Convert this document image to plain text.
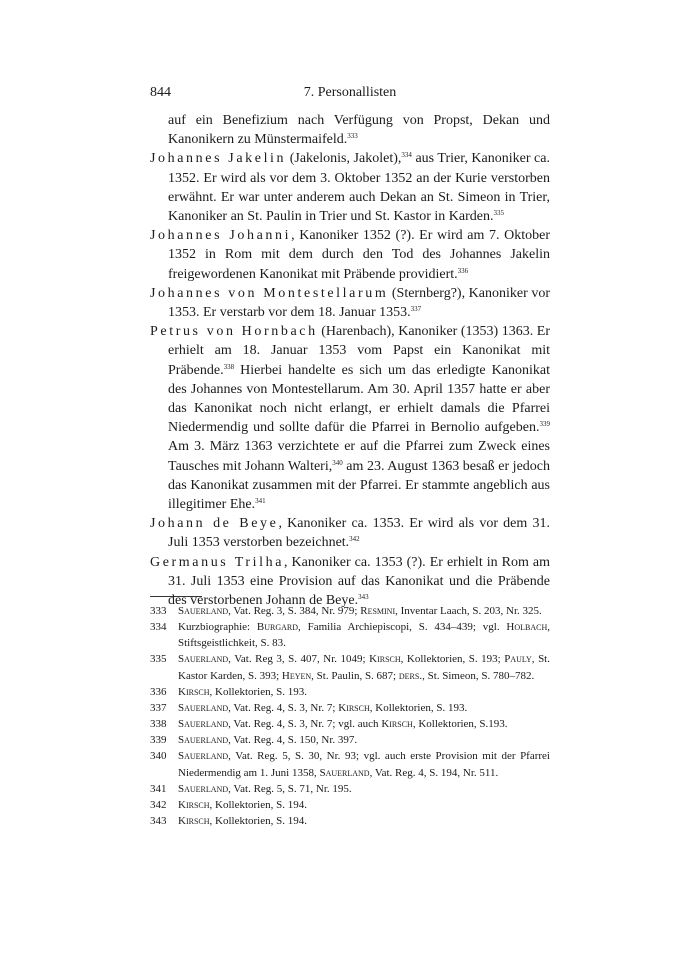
844	7. Personallisten

auf ein Benefizium nach Verfügung von Propst, Dekan und Kanonikern zu Münstermaifeld.$^{333}$

Johannes Jakelin (Jakelonis, Jakolet),$^{334}$ aus Trier, Kanoniker ca. 1352. Er wird als vor dem 3. Oktober 1352 an der Kurie verstorben erwähnt. Er war unter anderem auch Dekan an St. Simeon in Trier, Kanoniker an St. Paulin in Trier und St. Kastor in Karden.$^{335}$

Johannes Johanni, Kanoniker 1352 (?). Er wird am 7. Oktober 1352 in Rom mit dem durch den Tod des Johannes Jakelin freigewordenen Kanonikat mit Präbende providiert.$^{336}$

Johannes von Montestellarum (Sternberg?), Kanoniker vor 1353. Er verstarb vor dem 18. Januar 1353.$^{337}$

Petrus von Hornbach (Harenbach), Kanoniker (1353) 1363. Er erhielt am 18. Januar 1353 vom Papst ein Kanonikat mit Präbende.$^{338}$ Hierbei handelte es sich um das erledigte Kanonikat des Johannes von Montestellarum. Am 30. April 1357 hatte er aber das Kanonikat noch nicht erlangt, er erhielt damals die Pfarrei Niedermendig und sollte dafür die Pfarrei in Bernolio aufgeben.$^{339}$ Am 3. März 1363 verzichtete er auf die Pfarrei zum Zweck eines Tausches mit Johann Walteri,$^{340}$ am 23. August 1363 besaß er jedoch das Kanonikat zusammen mit der Pfarrei. Er stammte angeblich aus illegitimer Ehe.$^{341}$

Johann de Beye, Kanoniker ca. 1353. Er wird als vor dem 31. Juli 1353 verstorben bezeichnet.$^{342}$

Germanus Trilha, Kanoniker ca. 1353 (?). Er erhielt in Rom am 31. Juli 1353 eine Provision auf das Kanonikat und die Präbende des verstorbenen Johann de Beye.$^{343}$

333 Sauerland, Vat. Reg. 3, S. 384, Nr. 979; Resmini, Inventar Laach, S. 203, Nr. 325.

334 Kurzbiographie: Burgard, Familia Archiepiscopi, S. 434–439; vgl. Holbach, Stiftsgeistlichkeit, S. 83.

335 Sauerland, Vat. Reg 3, S. 407, Nr. 1049; Kirsch, Kollektorien, S. 193; Pauly, St. Kastor Karden, S. 393; Heyen, St. Paulin, S. 687; ders., St. Simeon, S. 780–782.

336 Kirsch, Kollektorien, S. 193.

337 Sauerland, Vat. Reg. 4, S. 3, Nr. 7; Kirsch, Kollektorien, S. 193.

338 Sauerland, Vat. Reg. 4, S. 3, Nr. 7; vgl. auch Kirsch, Kollektorien, S.193.

339 Sauerland, Vat. Reg. 4, S. 150, Nr. 397.

340 Sauerland, Vat. Reg. 5, S. 30, Nr. 93; vgl. auch erste Provision mit der Pfarrei Niedermendig am 1. Juni 1358, Sauerland, Vat. Reg. 4, S. 194, Nr. 511.

341 Sauerland, Vat. Reg. 5, S. 71, Nr. 195.

342 Kirsch, Kollektorien, S. 194.

343 Kirsch, Kollektorien, S. 194.
